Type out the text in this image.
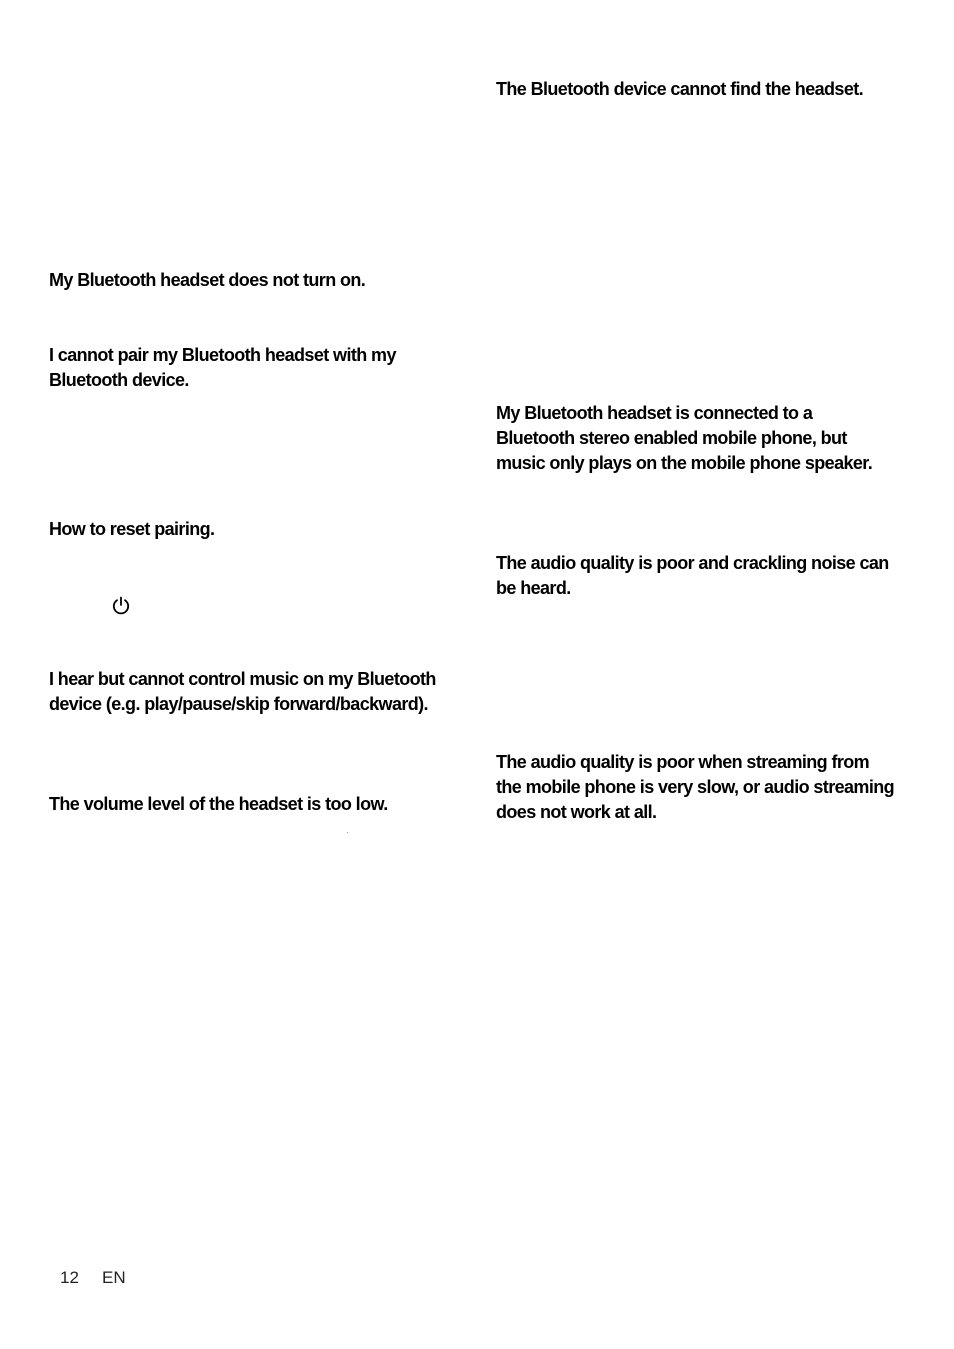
The Bluetooth device cannot find the headset.
My Bluetooth headset does not turn on.
I cannot pair my Bluetooth headset with my
Bluetooth device.
My Bluetooth headset is connected to a
Bluetooth stereo enabled mobile phone, but
music only plays on the mobile phone speaker.
How to reset pairing.
The audio quality is poor and crackling noise can
be heard.
I hear but cannot control music on my Bluetooth
device (e.g. play/pause/skip forward/backward).
The audio quality is poor when streaming from
the mobile phone is very slow, or audio streaming
does not work at all.
The volume level of the headset is too low.
12 EN
